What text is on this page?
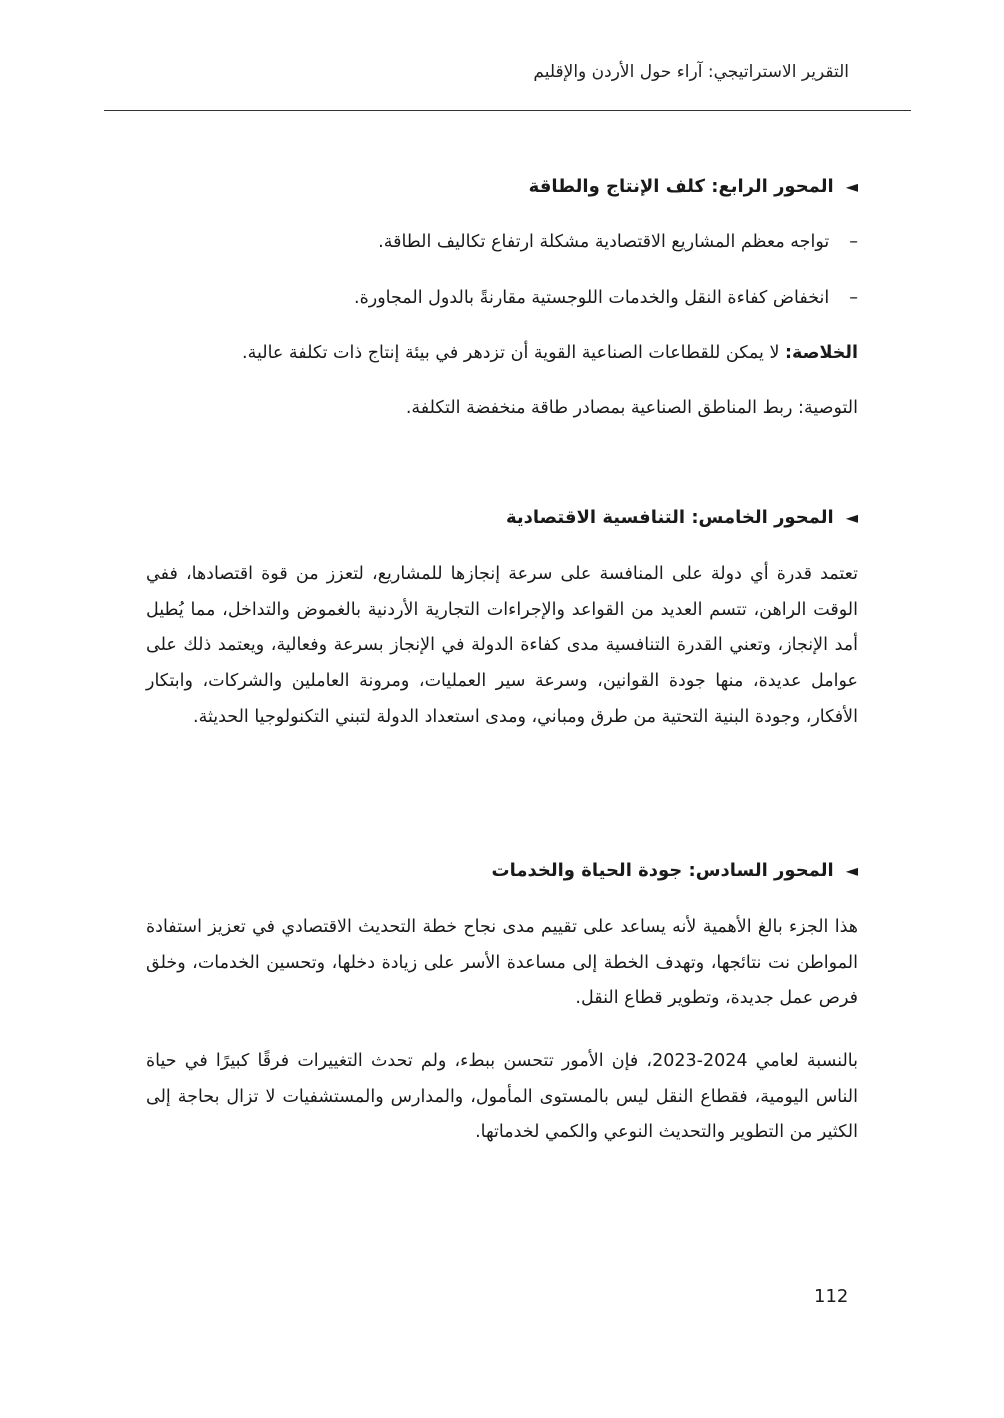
التقرير الاستراتيجي: آراء حول الأردن والإقليم
◄
المحور الرابع: كلف الإنتاج والطاقة
–
تواجه معظم المشاريع الاقتصادية مشكلة ارتفاع تكاليف الطاقة.
–
انخفاض كفاءة النقل والخدمات اللوجستية مقارنةً بالدول المجاورة.
الخلاصة: لا يمكن للقطاعات الصناعية القوية أن تزدهر في بيئة إنتاج ذات تكلفة عالية.
التوصية: ربط المناطق الصناعية بمصادر طاقة منخفضة التكلفة.
◄
المحور الخامس: التنافسية الاقتصادية
تعتمد قدرة أي دولة على المنافسة على سرعة إنجازها للمشاريع، لتعزز من قوة اقتصادها، ففي الوقت الراهن، تتسم العديد من القواعد والإجراءات التجارية الأردنية بالغموض والتداخل، مما يُطيل أمد الإنجاز، وتعني القدرة التنافسية مدى كفاءة الدولة في الإنجاز بسرعة وفعالية، ويعتمد ذلك على عوامل عديدة، منها جودة القوانين، وسرعة سير العمليات، ومرونة العاملين والشركات، وابتكار الأفكار، وجودة البنية التحتية من طرق ومباني، ومدى استعداد الدولة لتبني التكنولوجيا الحديثة.
◄
المحور السادس: جودة الحياة والخدمات
هذا الجزء بالغ الأهمية لأنه يساعد على تقييم مدى نجاح خطة التحديث الاقتصادي في تعزيز استفادة المواطن نت نتائجها، وتهدف الخطة إلى مساعدة الأسر على زيادة دخلها، وتحسين الخدمات، وخلق فرص عمل جديدة، وتطوير قطاع النقل.
بالنسبة لعامي 2024-2023، فإن الأمور تتحسن ببطء، ولم تحدث التغييرات فرقًا كبيرًا في حياة الناس اليومية، فقطاع النقل ليس بالمستوى المأمول، والمدارس والمستشفيات لا تزال بحاجة إلى الكثير من التطوير والتحديث النوعي والكمي لخدماتها.
112
